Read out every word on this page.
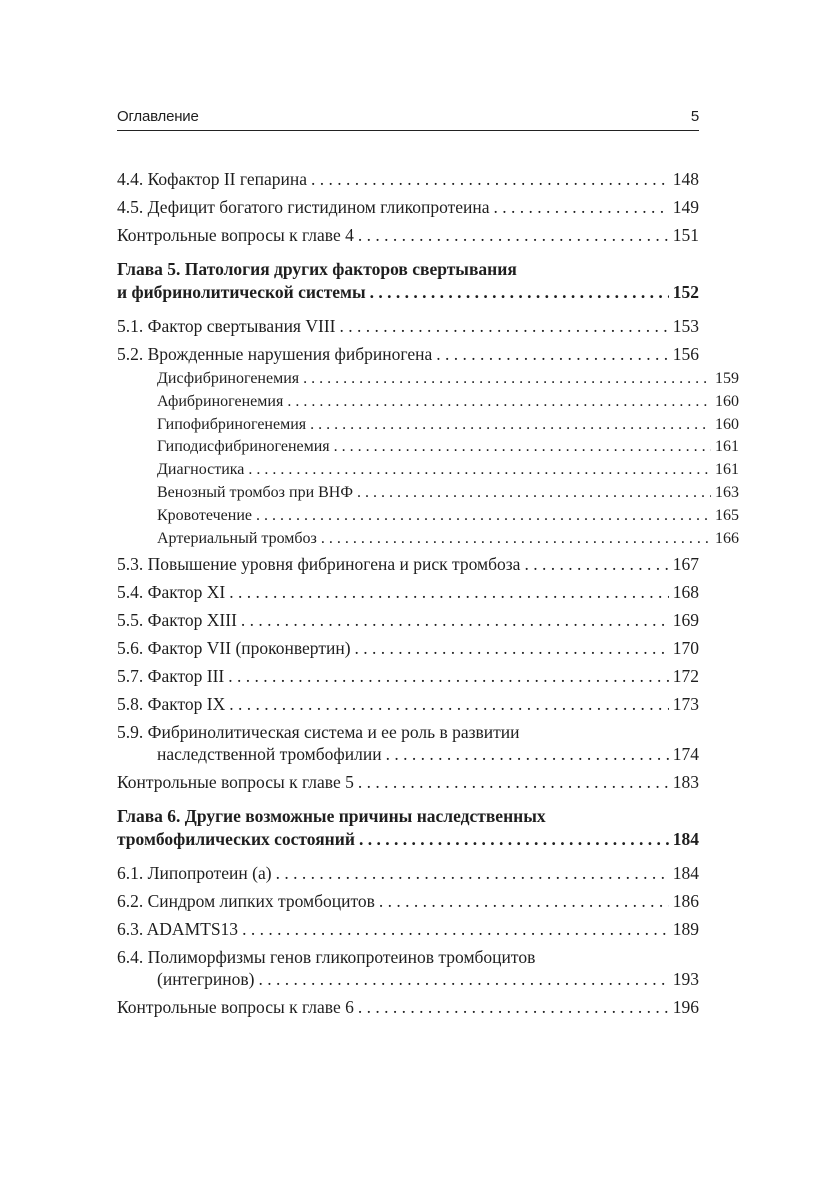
Оглавление	5
4.4. Кофактор II гепарина . . .	148
4.5. Дефицит богатого гистидином гликопротеина . . .	149
Контрольные вопросы к главе 4 . . .	151
Глава 5. Патология других факторов свертывания
и фибринолитической системы . . .	152
5.1. Фактор свертывания VIII . . .	153
5.2. Врожденные нарушения фибриногена . . .	156
Дисфибриногенемия . . .	159
Афибриногенемия . . .	160
Гипофибриногенемия . . .	160
Гиподисфибриногенемия . . .	161
Диагностика . . .	161
Венозный тромбоз при ВНФ . . .	163
Кровотечение . . .	165
Артериальный тромбоз . . .	166
5.3. Повышение уровня фибриногена и риск тромбоза . . .	167
5.4. Фактор XI . . .	168
5.5. Фактор XIII . . .	169
5.6. Фактор VII (проконвертин) . . .	170
5.7. Фактор III . . .	172
5.8. Фактор IX . . .	173
5.9. Фибринолитическая система и ее роль в развитии
наследственной тромбофилии . . .	174
Контрольные вопросы к главе 5 . . .	183
Глава 6. Другие возможные причины наследственных
тромбофилических состояний . . .	184
6.1. Липопротеин (a) . . .	184
6.2. Синдром липких тромбоцитов . . .	186
6.3. ADAMTS13 . . .	189
6.4. Полиморфизмы генов гликопротеинов тромбоцитов
(интегринов) . . .	193
Контрольные вопросы к главе 6 . . .	196
